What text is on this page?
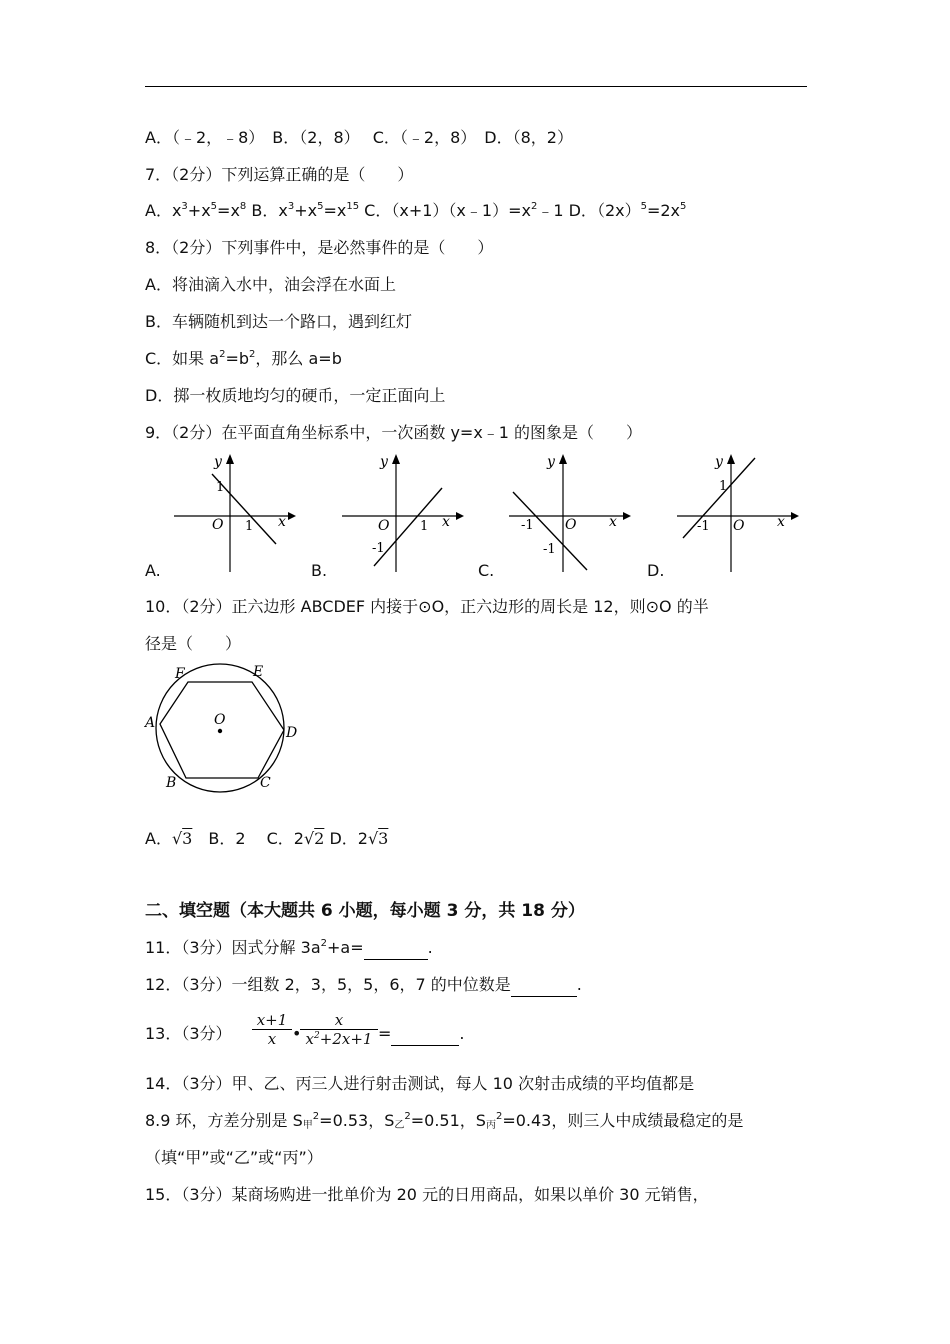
A．（﹣2，﹣8）　B．（2，8）　 C．（﹣2，8）　D．（8，2）
7．（2分）下列运算正确的是（　　）
A．$x^3+x^5=x^8$ B．$x^3+x^5=x^{15}$ C．$(x+1)(x﹣1)=x^2﹣1$ D．$(2x)^5=2x^5$
8．（2分）下列事件中，是必然事件的是（　　）
A．将油滴入水中，油会浮在水面上
B．车辆随机到达一个路口，遇到红灯
C．如果 $a^2=b^2$，那么 a=b
D．掷一枚质地均匀的硬币，一定正面向上
9．（2分）在平面直角坐标系中，一次函数 y=x﹣1 的图象是（　　）
y
x
O
1
1
A.
y
x
O 1
-1
B.
y
x
O
-1
-1
C.
y
x
O
-1
1
D.
10．（2分）正六边形 ABCDEF 内接于⊙O，正六边形的周长是 12，则⊙O 的半
径是（　　）
A
B	C
D
E
F
O
A．√3　 B．2　 C．2√2 D．2√3
二、填空题（本大题共 6 小题，每小题 3 分，共 18 分）
11．（3分）因式分解 $3a^2+a=$	.
12．（3分）一组数 2，3，5，5，6，7 的中位数是	.
13．（3分） $\frac{x+1}{x}$ •
$\frac{x}{x^2+2x+1}$ =	.
14．（3分）甲、乙、丙三人进行射击测试，每人 10 次射击成绩的平均值都是
8.9 环，方差分别是 $S_甲^2=0.53$，$S_乙^2=0.51$，$S_丙^2=0.43$，则三人中成绩最稳定的是
（填“甲”或“乙”或“丙”）
15．（3分）某商场购进一批单价为 20 元的日用商品，如果以单价 30 元销售，
